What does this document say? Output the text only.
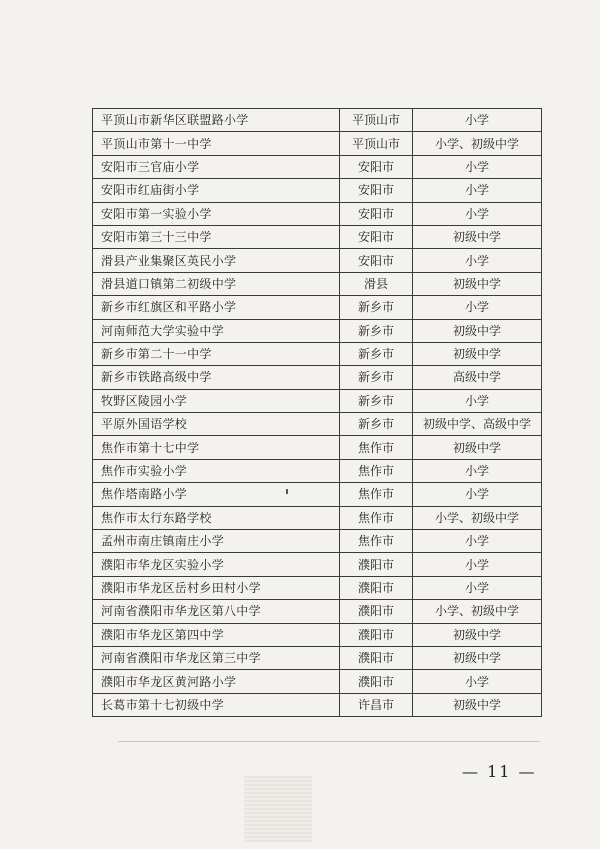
平顶山市新华区联盟路小学	平顶山市	小学
平顶山市第十一中学	平顶山市	小学、初级中学
安阳市三官庙小学	安阳市	小学
安阳市红庙街小学	安阳市	小学
安阳市第一实验小学	安阳市	小学
安阳市第三十三中学	安阳市	初级中学
滑县产业集聚区英民小学	安阳市	小学
滑县道口镇第二初级中学	滑县	初级中学
新乡市红旗区和平路小学	新乡市	小学
河南师范大学实验中学	新乡市	初级中学
新乡市第二十一中学	新乡市	初级中学
新乡市铁路高级中学	新乡市	高级中学
牧野区陵园小学	新乡市	小学
平原外国语学校	新乡市	初级中学、高级中学
焦作市第十七中学	焦作市	初级中学
焦作市实验小学	焦作市	小学
焦作塔南路小学	焦作市	小学
焦作市太行东路学校	焦作市	小学、初级中学
孟州市南庄镇南庄小学	焦作市	小学
濮阳市华龙区实验小学	濮阳市	小学
濮阳市华龙区岳村乡田村小学	濮阳市	小学
河南省濮阳市华龙区第八中学	濮阳市	小学、初级中学
濮阳市华龙区第四中学	濮阳市	初级中学
河南省濮阳市华龙区第三中学	濮阳市	初级中学
濮阳市华龙区黄河路小学	濮阳市	小学
长葛市第十七初级中学	许昌市	初级中学
— 11 —
